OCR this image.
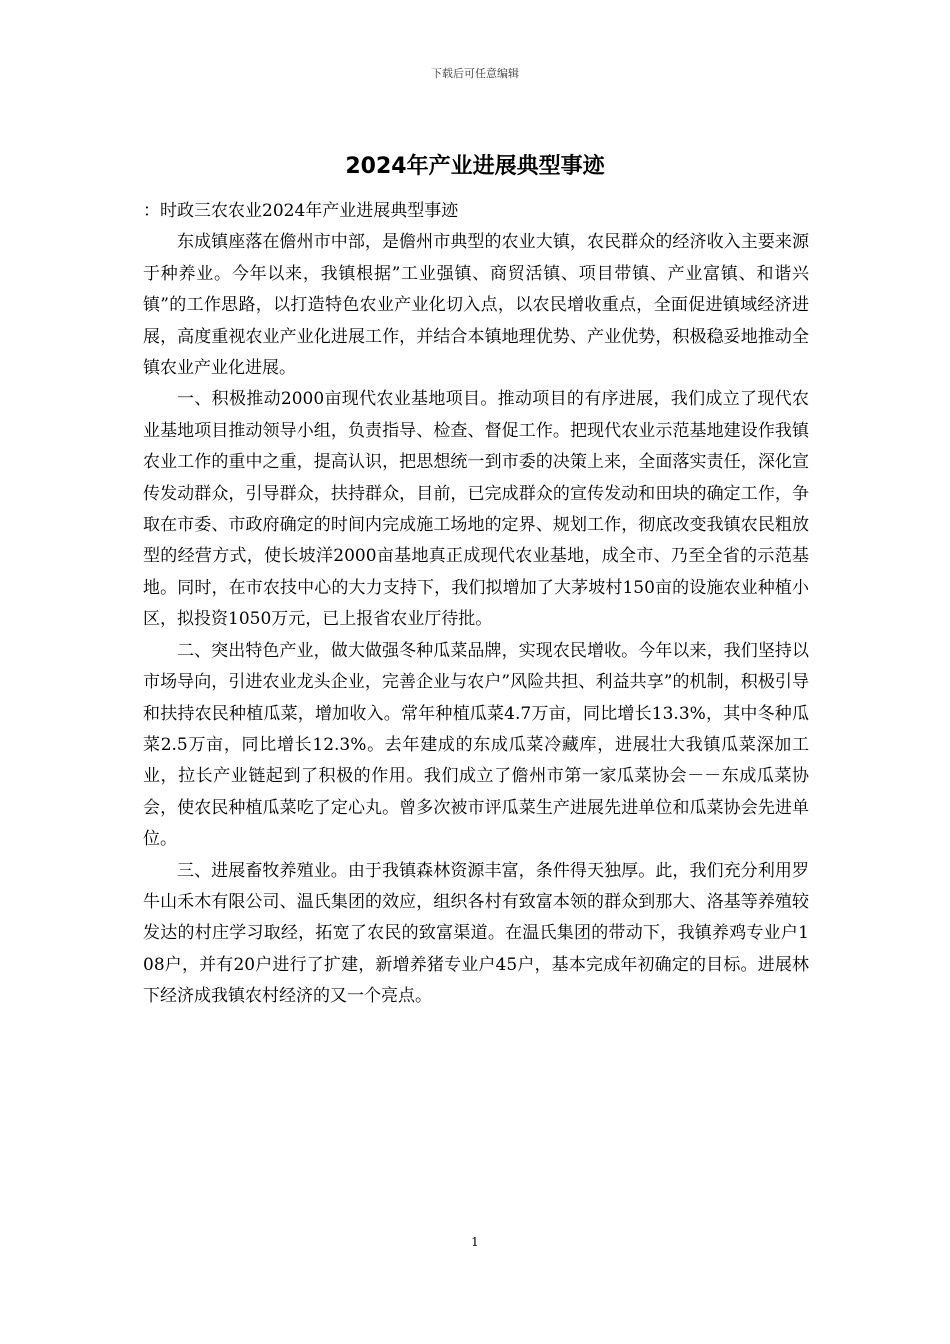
下载后可任意编辑
2024年产业进展典型事迹

：时政三农农业2024年产业进展典型事迹

东成镇座落在儋州市中部，是儋州市典型的农业大镇，农民群众的经济收入主要来源于种养业。今年以来，我镇根据”工业强镇、商贸活镇、项目带镇、产业富镇、和谐兴镇”的工作思路，以打造特色农业产业化切入点，以农民增收重点，全面促进镇域经济进展，高度重视农业产业化进展工作，并结合本镇地理优势、产业优势，积极稳妥地推动全镇农业产业化进展。

一、积极推动2000亩现代农业基地项目。推动项目的有序进展，我们成立了现代农业基地项目推动领导小组，负责指导、检查、督促工作。把现代农业示范基地建设作我镇农业工作的重中之重，提高认识，把思想统一到市委的决策上来，全面落实责任，深化宣传发动群众，引导群众，扶持群众，目前，已完成群众的宣传发动和田块的确定工作，争取在市委、市政府确定的时间内完成施工场地的定界、规划工作，彻底改变我镇农民粗放型的经营方式，使长坡洋2000亩基地真正成现代农业基地，成全市、乃至全省的示范基地。同时，在市农技中心的大力支持下，我们拟增加了大茅坡村150亩的设施农业种植小区，拟投资1050万元，已上报省农业厅待批。

二、突出特色产业，做大做强冬种瓜菜品牌，实现农民增收。今年以来，我们坚持以市场导向，引进农业龙头企业，完善企业与农户”风险共担、利益共享”的机制，积极引导和扶持农民种植瓜菜，增加收入。常年种植瓜菜4.7万亩，同比增长13.3%，其中冬种瓜菜2.5万亩，同比增长12.3%。去年建成的东成瓜菜冷藏库，进展壮大我镇瓜菜深加工业，拉长产业链起到了积极的作用。我们成立了儋州市第一家瓜菜协会－－东成瓜菜协会，使农民种植瓜菜吃了定心丸。曾多次被市评瓜菜生产进展先进单位和瓜菜协会先进单位。

三、进展畜牧养殖业。由于我镇森林资源丰富，条件得天独厚。此，我们充分利用罗牛山禾木有限公司、温氏集团的效应，组织各村有致富本领的群众到那大、洛基等养殖较发达的村庄学习取经，拓宽了农民的致富渠道。在温氏集团的带动下，我镇养鸡专业户108户，并有20户进行了扩建，新增养猪专业户45户，基本完成年初确定的目标。进展林下经济成我镇农村经济的又一个亮点。

1
